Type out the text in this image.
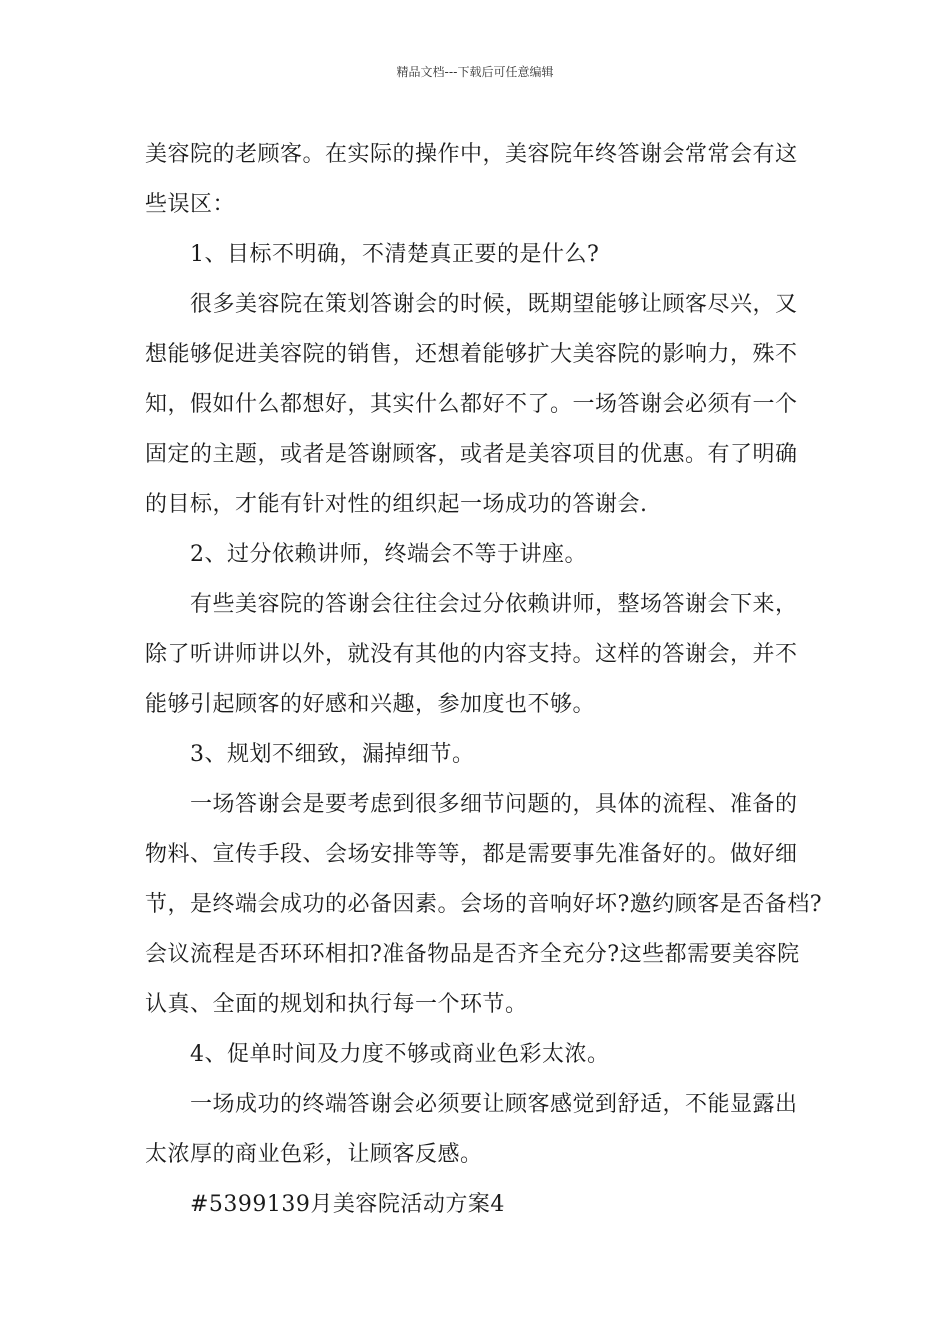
精品文档---下载后可任意编辑
美容院的老顾客。在实际的操作中，美容院年终答谢会常常会有这
些误区：
1、目标不明确，不清楚真正要的是什么?
很多美容院在策划答谢会的时候，既期望能够让顾客尽兴，又
想能够促进美容院的销售，还想着能够扩大美容院的影响力，殊不
知，假如什么都想好，其实什么都好不了。一场答谢会必须有一个
固定的主题，或者是答谢顾客，或者是美容项目的优惠。有了明确
的目标，才能有针对性的组织起一场成功的答谢会.
2、过分依赖讲师，终端会不等于讲座。
有些美容院的答谢会往往会过分依赖讲师，整场答谢会下来，
除了听讲师讲以外，就没有其他的内容支持。这样的答谢会，并不
能够引起顾客的好感和兴趣，参加度也不够。
3、规划不细致，漏掉细节。
一场答谢会是要考虑到很多细节问题的，具体的流程、准备的
物料、宣传手段、会场安排等等，都是需要事先准备好的。做好细
节，是终端会成功的必备因素。会场的音响好坏?邀约顾客是否备档?
会议流程是否环环相扣?准备物品是否齐全充分?这些都需要美容院
认真、全面的规划和执行每一个环节。
4、促单时间及力度不够或商业色彩太浓。
一场成功的终端答谢会必须要让顾客感觉到舒适，不能显露出
太浓厚的商业色彩，让顾客反感。
#5399139月美容院活动方案4
